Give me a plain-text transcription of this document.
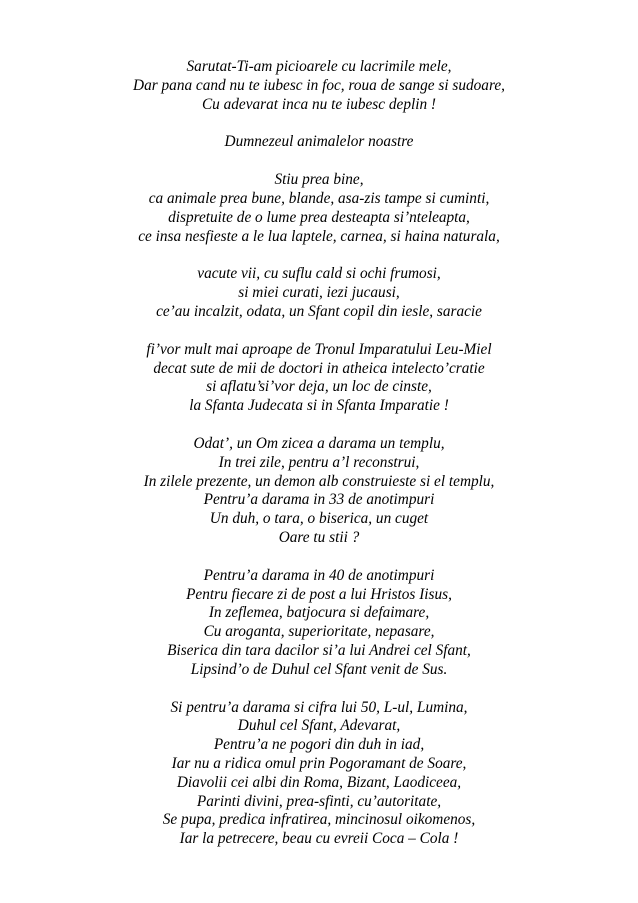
Sarutat-Ti-am picioarele cu lacrimile mele,
Dar pana cand nu te iubesc in foc, roua de sange si sudoare,
Cu adevarat inca nu te iubesc deplin !
Dumnezeul animalelor noastre
Stiu prea bine,
ca animale prea bune, blande, asa-zis tampe si cuminti,
dispretuite de o lume prea desteapta si’nteleapta,
ce insa nesfieste a le lua laptele, carnea, si haina naturala,
vacute vii, cu suflu cald si ochi frumosi,
si miei curati, iezi jucausi,
ce’au incalzit, odata, un Sfant copil din iesle, saracie
fi’vor mult mai aproape de Tronul Imparatului Leu-Miel
decat sute de mii de doctori in atheica intelecto’cratie
si aflatu’si’vor deja, un loc de cinste,
la Sfanta Judecata si in Sfanta Imparatie !
Odat’, un Om zicea a darama un templu,
In trei zile, pentru a’l reconstrui,
In zilele prezente, un demon alb construieste si el templu,
Pentru’a darama in 33 de anotimpuri
Un duh, o tara, o biserica, un cuget
Oare tu stii ?
Pentru’a darama in 40 de anotimpuri
Pentru fiecare zi de post a lui Hristos Iisus,
In zeflemea, batjocura si defaimare,
Cu aroganta, superioritate, nepasare,
Biserica din tara dacilor si’a lui Andrei cel Sfant,
Lipsind’o de Duhul cel Sfant venit de Sus.
Si pentru’a darama si cifra lui 50, L-ul, Lumina,
Duhul cel Sfant, Adevarat,
Pentru’a ne pogori din duh in iad,
Iar nu a ridica omul prin Pogoramant de Soare,
Diavolii cei albi din Roma, Bizant, Laodiceea,
Parinti divini, prea-sfinti, cu’autoritate,
Se pupa, predica infratirea, mincinosul oikomenos,
Iar la petrecere, beau cu evreii Coca – Cola !
